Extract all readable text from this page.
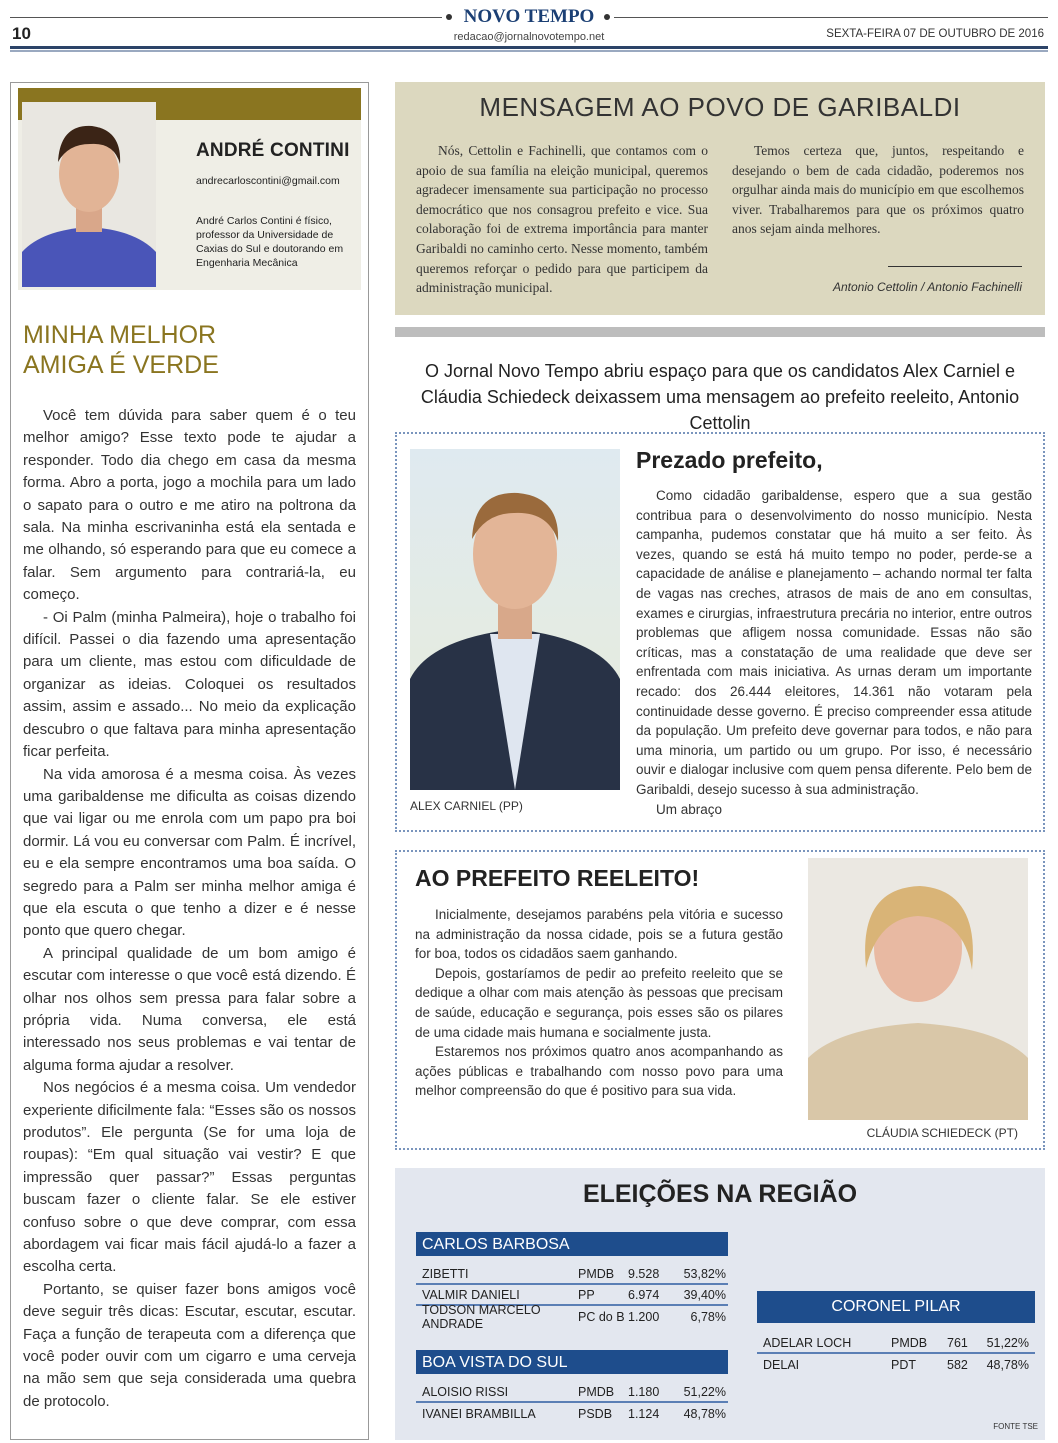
NOVO TEMPO
10	redacao@jornalnovotempo.net	SEXTA-FEIRA 07 DE OUTUBRO DE 2016
ANDRÉ CONTINI
andrecarloscontini@gmail.com
André Carlos Contini é físico, professor da Universidade de Caxias do Sul e doutorando em Engenharia Mecânica
MINHA MELHOR
AMIGA É VERDE

Você tem dúvida para saber quem é o teu melhor amigo? Esse texto pode te ajudar a responder. Todo dia chego em casa da mesma forma. Abro a porta, jogo a mochila para um lado o sapato para o outro e me atiro na poltrona da sala. Na minha escrivaninha está ela sentada e me olhando, só esperando para que eu comece a falar. Sem argumento para contrariá-la, eu começo.

- Oi Palm (minha Palmeira), hoje o trabalho foi difícil. Passei o dia fazendo uma apresentação para um cliente, mas estou com dificuldade de organizar as ideias. Coloquei os resultados assim, assim e assado... No meio da explicação descubro o que faltava para minha apresentação ficar perfeita.

Na vida amorosa é a mesma coisa. Às vezes uma garibaldense me dificulta as coisas dizendo que vai ligar ou me enrola com um papo pra boi dormir. Lá vou eu conversar com Palm. É incrível, eu e ela sempre encontramos uma boa saída. O segredo para a Palm ser minha melhor amiga é que ela escuta o que tenho a dizer e é nesse ponto que quero chegar.

A principal qualidade de um bom amigo é escutar com interesse o que você está dizendo. É olhar nos olhos sem pressa para falar sobre a própria vida. Numa conversa, ele está interessado nos seus problemas e vai tentar de alguma forma ajudar a resolver.

Nos negócios é a mesma coisa. Um vendedor experiente dificilmente fala: “Esses são os nossos produtos”. Ele pergunta (Se for uma loja de roupas): “Em qual situação vai vestir? E que impressão quer passar?” Essas perguntas buscam fazer o cliente falar. Se ele estiver confuso sobre o que deve comprar, com essa abordagem vai ficar mais fácil ajudá-lo a fazer a escolha certa.

Portanto, se quiser fazer bons amigos você deve seguir três dicas: Escutar, escutar, escutar. Faça a função de terapeuta com a diferença que você poder ouvir com um cigarro e uma cerveja na mão sem que seja considerada uma quebra de protocolo.

MENSAGEM AO POVO DE GARIBALDI

Nós, Cettolin e Fachinelli, que contamos com o apoio de sua família na eleição municipal, queremos agradecer imensamente sua participação no processo democrático que nos consagrou prefeito e vice. Sua colaboração foi de extrema importância para manter Garibaldi no caminho certo. Nesse momento, também queremos reforçar o pedido para que participem da administração municipal.

Temos certeza que, juntos, respeitando e desejando o bem de cada cidadão, poderemos nos orgulhar ainda mais do município em que escolhemos viver. Trabalharemos para que os próximos quatro anos sejam ainda melhores.

Antonio Cettolin / Antonio Fachinelli
O Jornal Novo Tempo abriu espaço para que os candidatos Alex Carniel e Cláudia Schiedeck deixassem uma mensagem ao prefeito reeleito, Antonio Cettolin
ALEX CARNIEL (PP)
Prezado prefeito,

Como cidadão garibaldense, espero que a sua gestão contribua para o desenvolvimento do nosso município. Nesta campanha, pudemos constatar que há muito a ser feito. Às vezes, quando se está há muito tempo no poder, perde-se a capacidade de análise e planejamento – achando normal ter falta de vagas nas creches, atrasos de mais de ano em consultas, exames e cirurgias, infraestrutura precária no interior, entre outros problemas que afligem nossa comunidade. Essas não são críticas, mas a constatação de uma realidade que deve ser enfrentada com mais iniciativa. As urnas deram um importante recado: dos 26.444 eleitores, 14.361 não votaram pela continuidade desse governo. É preciso compreender essa atitude da população. Um prefeito deve governar para todos, e não para uma minoria, um partido ou um grupo. Por isso, é necessário ouvir e dialogar inclusive com quem pensa diferente. Pelo bem de Garibaldi, desejo sucesso à sua administração.

Um abraço

AO PREFEITO REELEITO!

Inicialmente, desejamos parabéns pela vitória e sucesso na administração da nossa cidade, pois se a futura gestão for boa, todos os cidadãos saem ganhando.

Depois, gostaríamos de pedir ao prefeito reeleito que se dedique a olhar com mais atenção às pessoas que precisam de saúde, educação e segurança, pois esses são os pilares de uma cidade mais humana e socialmente justa.

Estaremos nos próximos quatro anos acompanhando as ações públicas e trabalhando com nosso povo para uma melhor compreensão do que é positivo para sua vida.

CLÁUDIA SCHIEDECK (PT)
ELEIÇÕES NA REGIÃO
CARLOS BARBOSA
ZIBETTI	PMDB	9.528	53,82%
VALMIR DANIELI	PP	6.974	39,40%
TODSON MARCELO ANDRADE	PC do B 1.200	6,78%
BOA VISTA DO SUL
ALOISIO RISSI	PMDB	1.180	51,22%
IVANEI BRAMBILLA	PSDB	1.124	48,78%
CORONEL PILAR
ADELAR LOCH	PMDB	761	51,22%
DELAI	PDT	582	48,78%
FONTE TSE
